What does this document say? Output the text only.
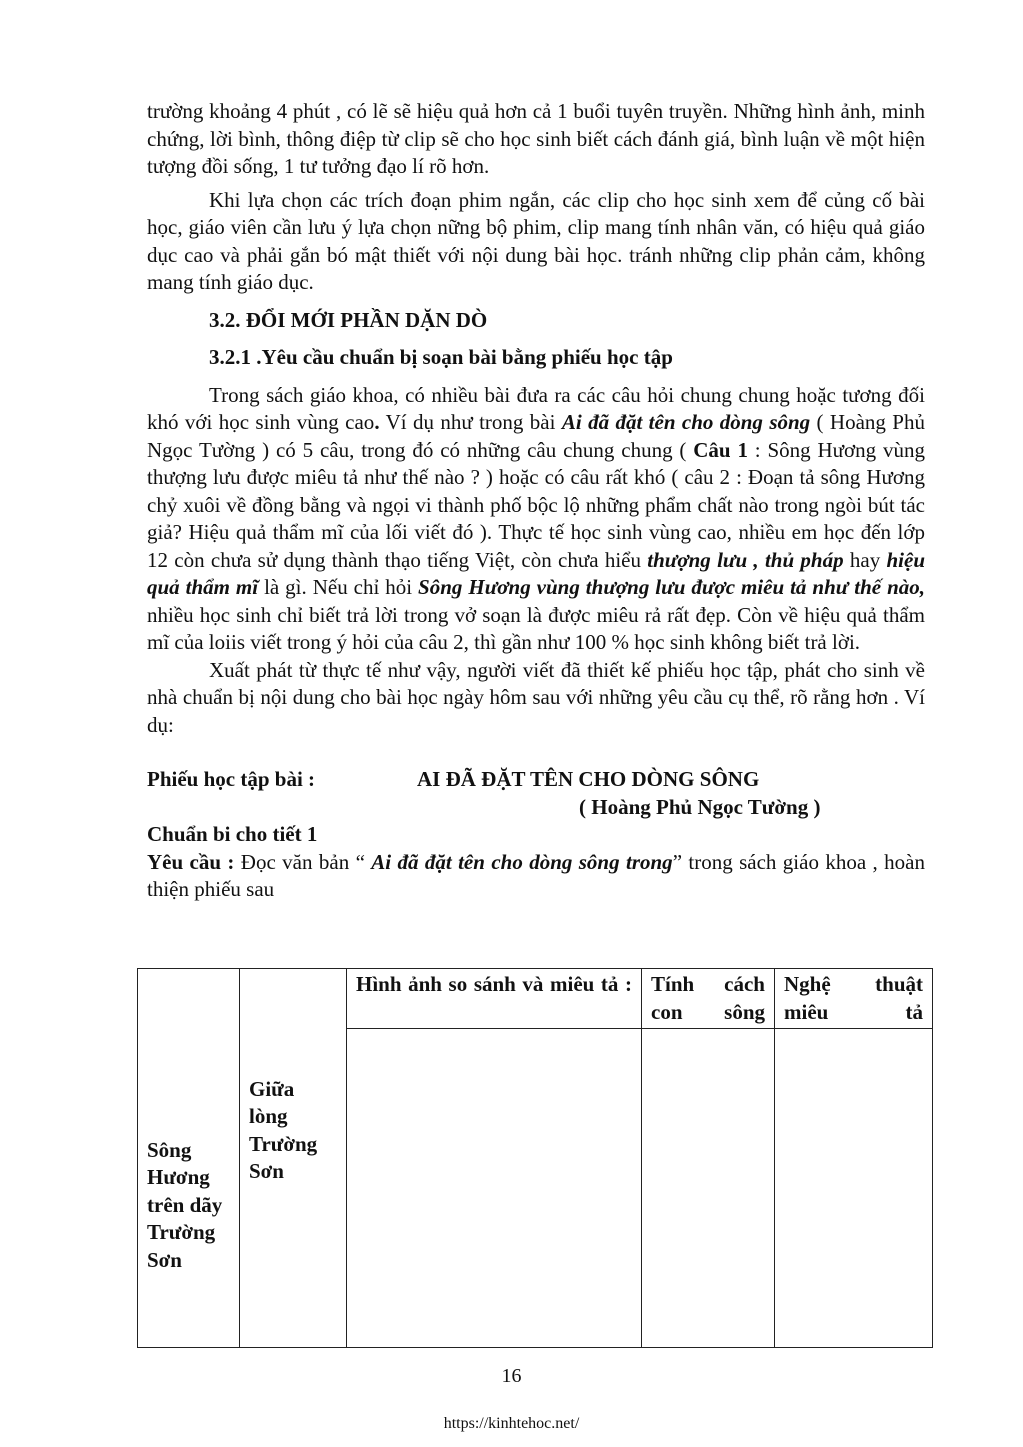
trường khoảng 4 phút , có lẽ sẽ hiệu quả hơn cả 1 buổi tuyên truyền. Những hình ảnh, minh chứng, lời bình, thông điệp từ clip sẽ cho học sinh biết cách đánh giá, bình luận về một hiện tượng đồi sống, 1 tư tưởng đạo lí rõ hơn.

Khi lựa chọn các trích đoạn phim ngắn, các clip cho học sinh xem để củng cố bài học, giáo viên cần lưu ý lựa chọn nững bộ phim, clip mang tính nhân văn, có hiệu quả giáo dục cao và phải gắn bó mật thiết với nội dung bài học. tránh những clip phản cảm, không mang tính giáo dục.

3.2. ĐỔI MỚI PHẦN DẶN DÒ

3.2.1 .Yêu cầu chuẩn bị soạn bài bằng phiếu học tập

Trong sách giáo khoa, có nhiều bài đưa ra các câu hỏi chung chung hoặc tương đối khó với học sinh vùng cao. Ví dụ như trong bài Ai đã đặt tên cho dòng sông ( Hoàng Phủ Ngọc Tường ) có 5 câu, trong đó có những câu chung chung ( Câu 1 : Sông Hương vùng thượng lưu được miêu tả như thế nào ? ) hoặc có câu rất khó ( câu 2 : Đoạn tả sông Hương chỷ xuôi về đồng bằng và ngọi vi thành phố bộc lộ những phẩm chất nào trong ngòi bút tác giả? Hiệu quả thẩm mĩ của lối viết đó ). Thực tế học sinh vùng cao, nhiều em học đến lớp 12 còn chưa sử dụng thành thạo tiếng Việt, còn chưa hiểu thượng lưu , thủ pháp hay hiệu quả thẩm mĩ là gì. Nếu chỉ hỏi Sông Hương vùng thượng lưu được miêu tả như thế nào, nhiều học sinh chỉ biết trả lời trong vở soạn là được miêu rả rất đẹp. Còn về hiệu quả thẩm mĩ của loiis viết trong ý hỏi của câu 2, thì gần như 100 % học sinh không biết trả lời.

Xuất phát từ thực tế như vậy, người viết đã thiết kế phiếu học tập, phát cho sinh về nhà chuẩn bị nội dung cho bài học ngày hôm sau với những yêu cầu cụ thể, rõ rằng hơn . Ví dụ:

Phiếu học tập bài :	AI ĐÃ ĐẶT TÊN CHO DÒNG SÔNG

( Hoàng Phủ Ngọc Tường )

Chuẩn bi cho tiết 1

Yêu cầu : Đọc văn bản “ Ai đã đặt tên cho dòng sông trong” trong sách giáo khoa , hoàn thiện phiếu sau

Sông Hương trên dãy Trường Sơn	Giữa lòng Trường Sơn	Hình ảnh so sánh và miêu tả :	Tính cách con sông	Nghệ thuật miêu tả

16
https://kinhtehoc.net/
